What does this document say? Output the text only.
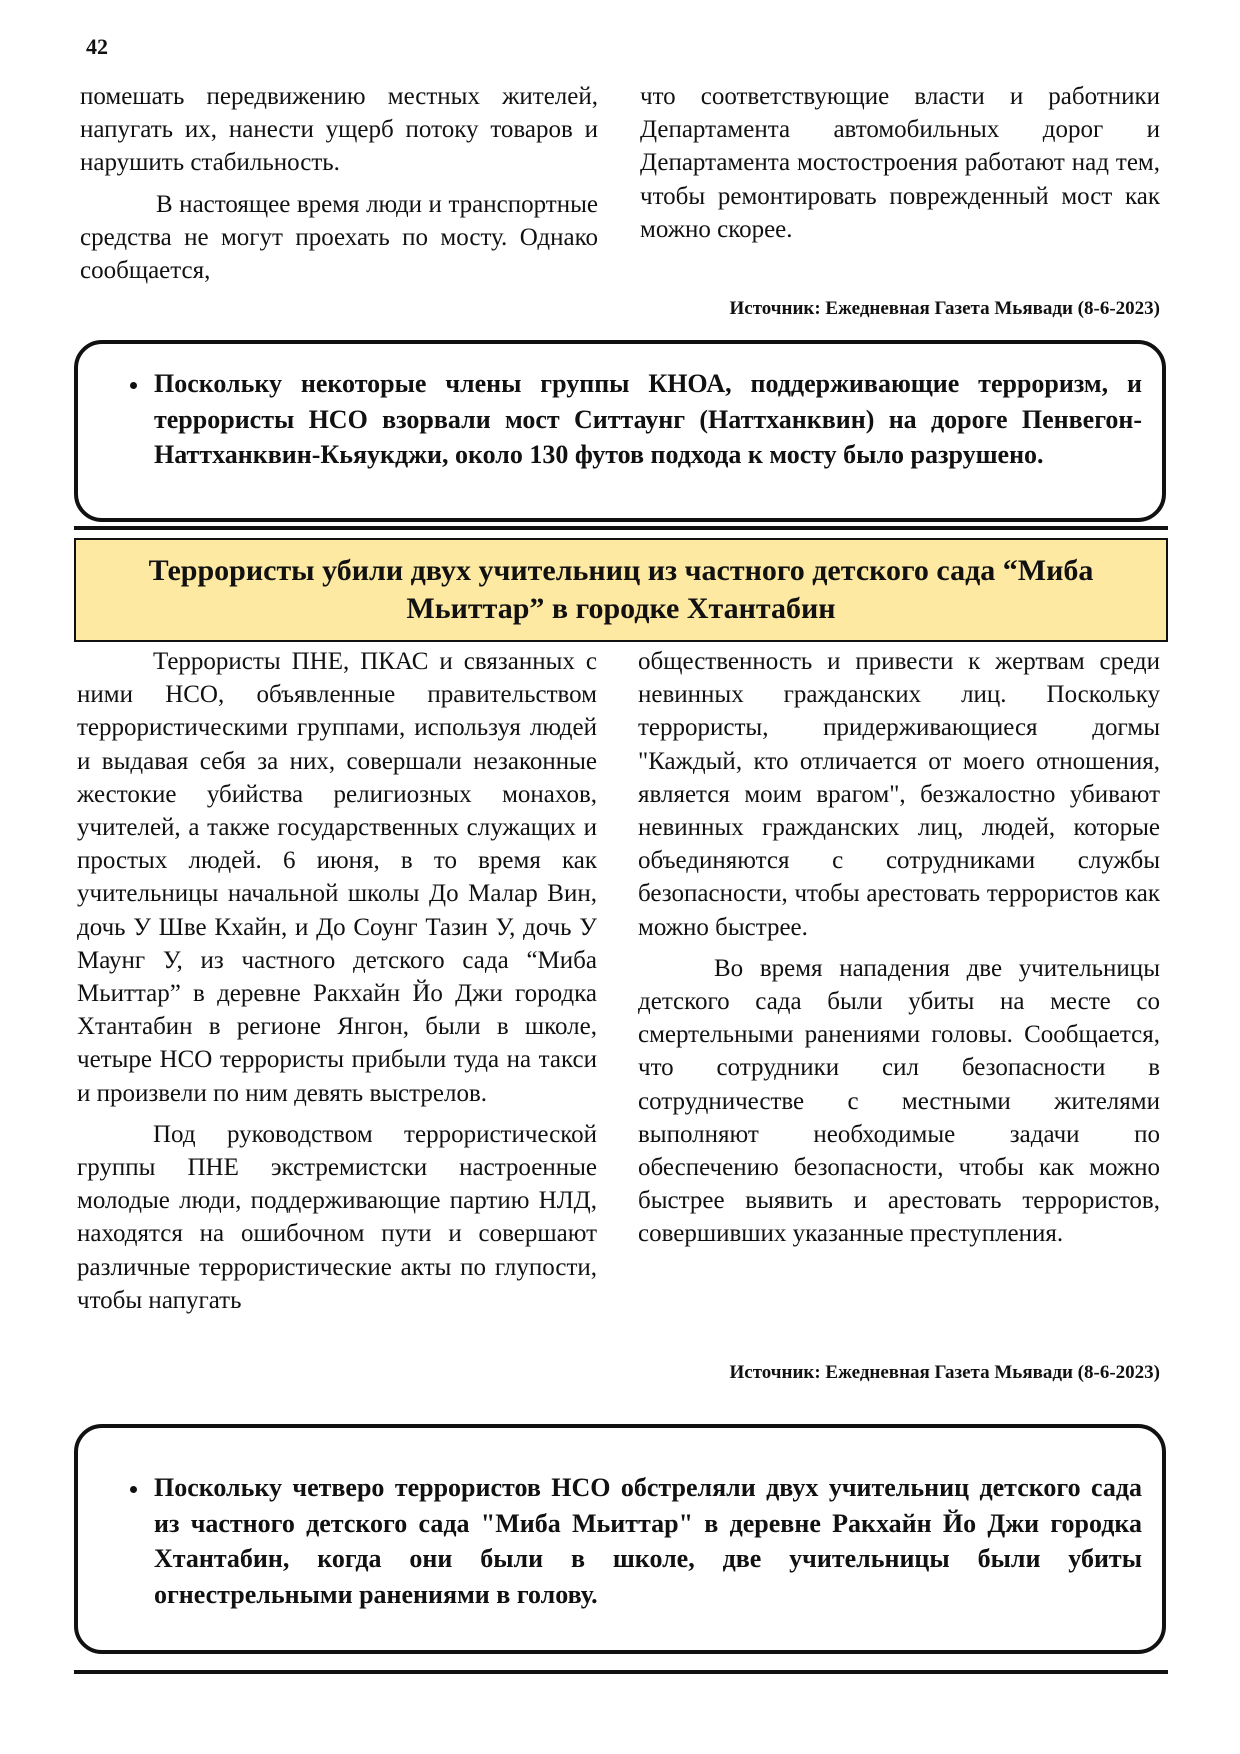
42

помешать передвижению местных жителей, напугать их, нанести ущерб потоку товаров и нарушить стабильность.

В настоящее время люди и транспортные средства не могут проехать по мосту. Однако сообщается,

что соответствующие власти и работники Департамента автомобильных дорог и Департамента мостостроения работают над тем, чтобы ремонтировать поврежденный мост как можно скорее.

Источник: Ежедневная Газета Мьявади (8-6-2023)
• Поскольку некоторые члены группы КНОА, поддерживающие терроризм, и террористы НСО взорвали мост Ситтаунг (Наттханквин) на дороге Пенвегон-Наттханквин-Кьяукджи, около 130 футов подхода к мосту было разрушено.
Террористы убили двух учительниц из частного детского сада “Миба Мьиттар” в городке Хтантабин

Террористы ПНЕ, ПКАС и связанных с ними НСО, объявленные правительством террористическими группами, используя людей и выдавая себя за них, совершали незаконные жестокие убийства религиозных монахов, учителей, а также государственных служащих и простых людей. 6 июня, в то время как учительницы начальной школы До Малар Вин, дочь У Шве Кхайн, и До Соунг Тазин У, дочь У Маунг У, из частного детского сада “Миба Мьиттар” в деревне Ракхайн Йо Джи городка Хтантабин в регионе Янгон, были в школе, четыре НСО террористы прибыли туда на такси и произвели по ним девять выстрелов.

Под руководством террористической группы ПНЕ экстремистски настроенные молодые люди, поддерживающие партию НЛД, находятся на ошибочном пути и совершают различные террористические акты по глупости, чтобы напугать

общественность и привести к жертвам среди невинных гражданских лиц. Поскольку террористы, придерживающиеся догмы "Каждый, кто отличается от моего отношения, является моим врагом", безжалостно убивают невинных гражданских лиц, людей, которые объединяются с сотрудниками службы безопасности, чтобы арестовать террористов как можно быстрее.

Во время нападения две учительницы детского сада были убиты на месте со смертельными ранениями головы. Сообщается, что сотрудники сил безопасности в сотрудничестве с местными жителями выполняют необходимые задачи по обеспечению безопасности, чтобы как можно быстрее выявить и арестовать террористов, совершивших указанные преступления.

Источник: Ежедневная Газета Мьявади (8-6-2023)
• Поскольку четверо террористов НСО обстреляли двух учительниц детского сада из частного детского сада "Миба Мьиттар" в деревне Ракхайн Йо Джи городка Хтантабин, когда они были в школе, две учительницы были убиты огнестрельными ранениями в голову.
